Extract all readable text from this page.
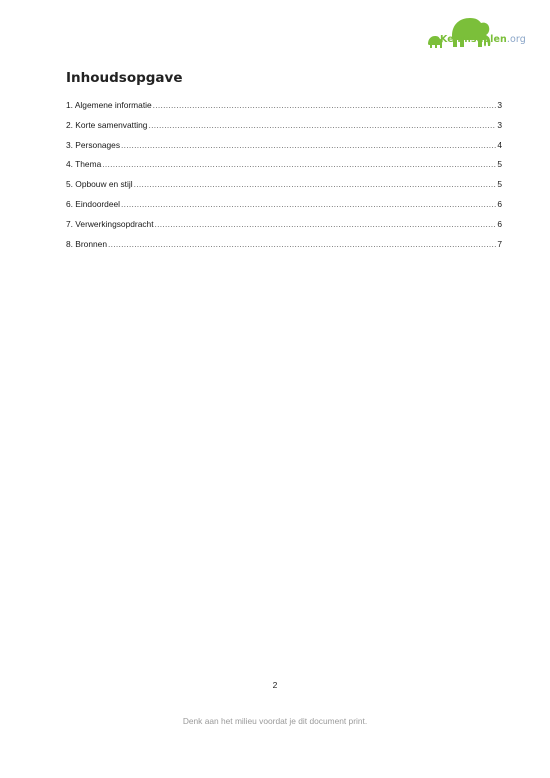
Kennisdelen.org
Inhoudsopgave
1. Algemene informatie .....	3
2. Korte samenvatting .....	3
3. Personages .....	4
4. Thema .....	5
5. Opbouw en stijl .....	5
6. Eindoordeel .....	6
7. Verwerkingsopdracht .....	6
8. Bronnen .....	7
2
Denk aan het milieu voordat je dit document print.
